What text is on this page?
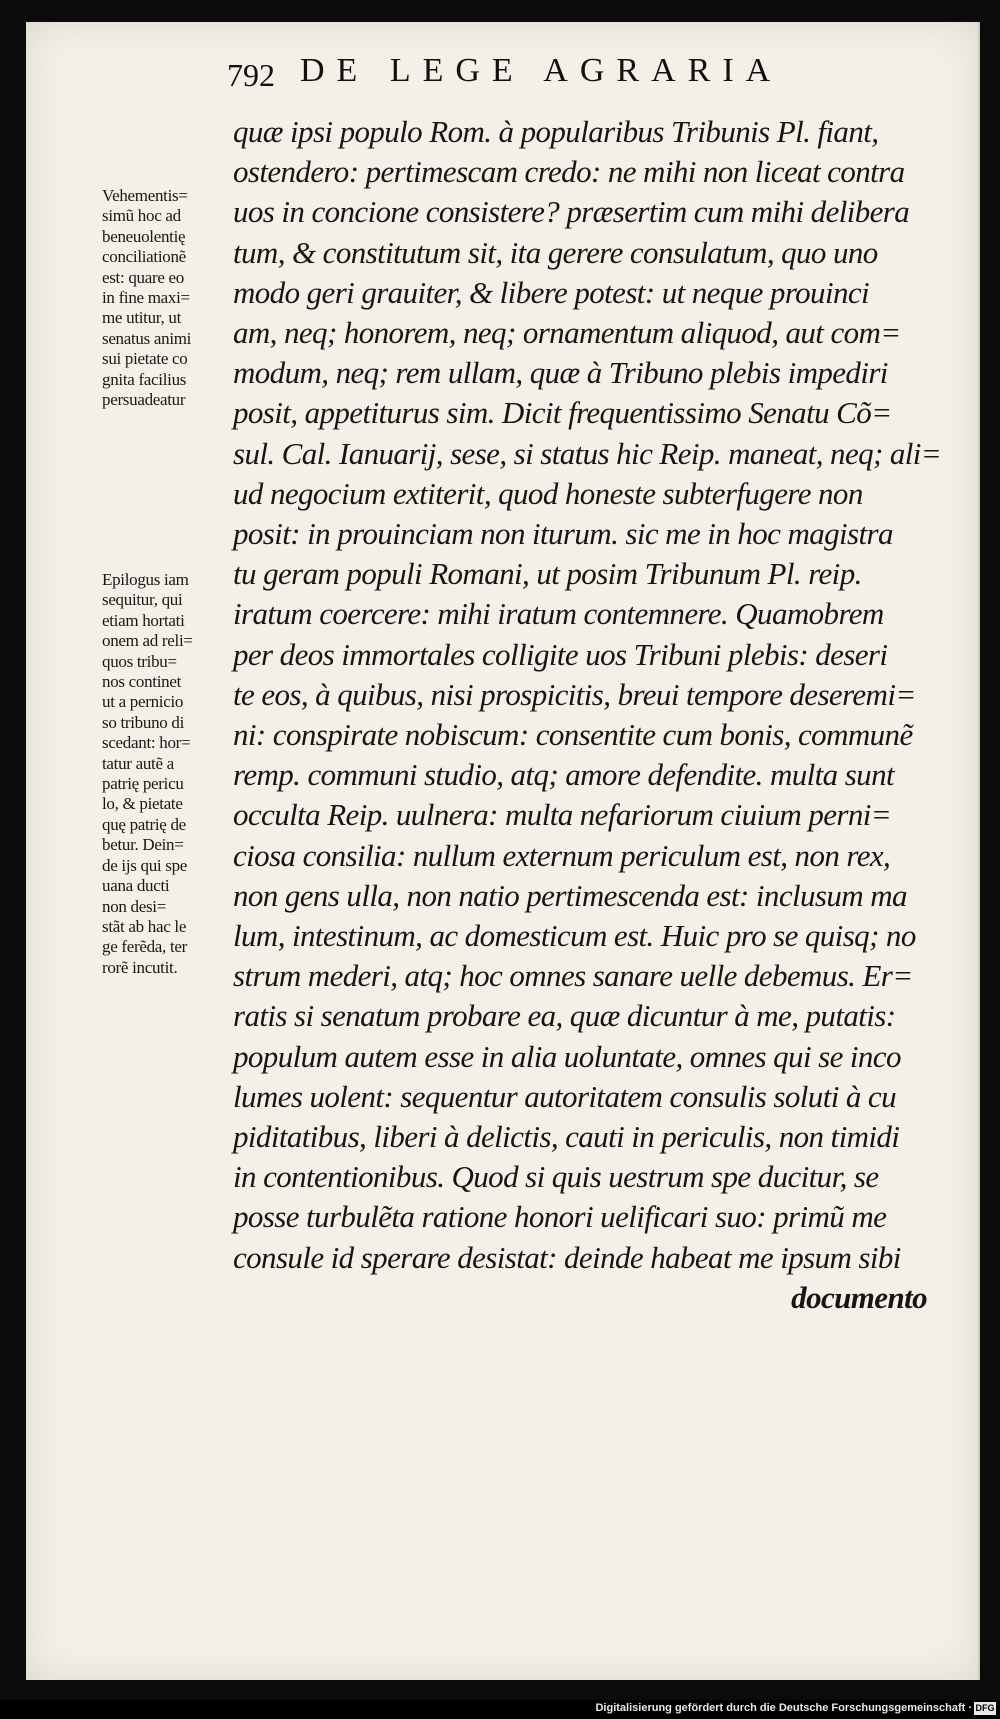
792 DE LEGE AGRARIA
quæ ipsi populo Rom. à popularibus Tribunis Pl. fiant,
ostendero: pertimescam credo: ne mihi non liceat contra
uos in concione consistere? præsertim cum mihi delibera
tum, & constitutum sit, ita gerere consulatum, quo uno
modo geri grauiter, & libere potest: ut neque prouinci
am, neq; honorem, neq; ornamentum aliquod, aut com=
modum, neq; rem ullam, quæ à Tribuno plebis impediri
posit, appetiturus sim. Dicit frequentissimo Senatu Cõ=
sul. Cal. Ianuarij, sese, si status hic Reip. maneat, neq; ali=
ud negocium extiterit, quod honeste subterfugere non
posit: in prouinciam non iturum. sic me in hoc magistra
tu geram populi Romani, ut posim Tribunum Pl. reip.
iratum coercere: mihi iratum contemnere. Quamobrem
per deos immortales colligite uos Tribuni plebis: deseri
te eos, à quibus, nisi prospicitis, breui tempore deseremi=
ni: conspirate nobiscum: consentite cum bonis, communẽ
remp. communi studio, atq; amore defendite. multa sunt
occulta Reip. uulnera: multa nefariorum ciuium perni=
ciosa consilia: nullum externum periculum est, non rex,
non gens ulla, non natio pertimescenda est: inclusum ma
lum, intestinum, ac domesticum est. Huic pro se quisq; no
strum mederi, atq; hoc omnes sanare uelle debemus. Er=
ratis si senatum probare ea, quæ dicuntur à me, putatis:
populum autem esse in alia uoluntate, omnes qui se inco
lumes uolent: sequentur autoritatem consulis soluti à cu
piditatibus, liberi à delictis, cauti in periculis, non timidi
in contentionibus. Quod si quis uestrum spe ducitur, se
posse turbulẽta ratione honori uelificari suo: primũ me
consule id sperare desistat: deinde habeat me ipsum sibi
documento
Vehementis=
simũ hoc ad
beneuolentię
conciliationẽ
est: quare eo
in fine maxi=
me utitur, ut
senatus animi
sui pietate co
gnita facilius
persuadeatur
Epilogus iam
sequitur, qui
etiam hortati
onem ad reli=
quos tribu=
nos continet
ut a pernicio
so tribuno di
scedant: hor=
tatur autẽ a
patrię pericu
lo, & pietate
quę patrię de
betur. Dein=
de ijs qui spe
uana ducti
non desi=
stãt ab hac le
ge ferẽda, ter
rorẽ incutit.
Digitalisierung gefördert durch die Deutsche Forschungsgemeinschaft · DFG
